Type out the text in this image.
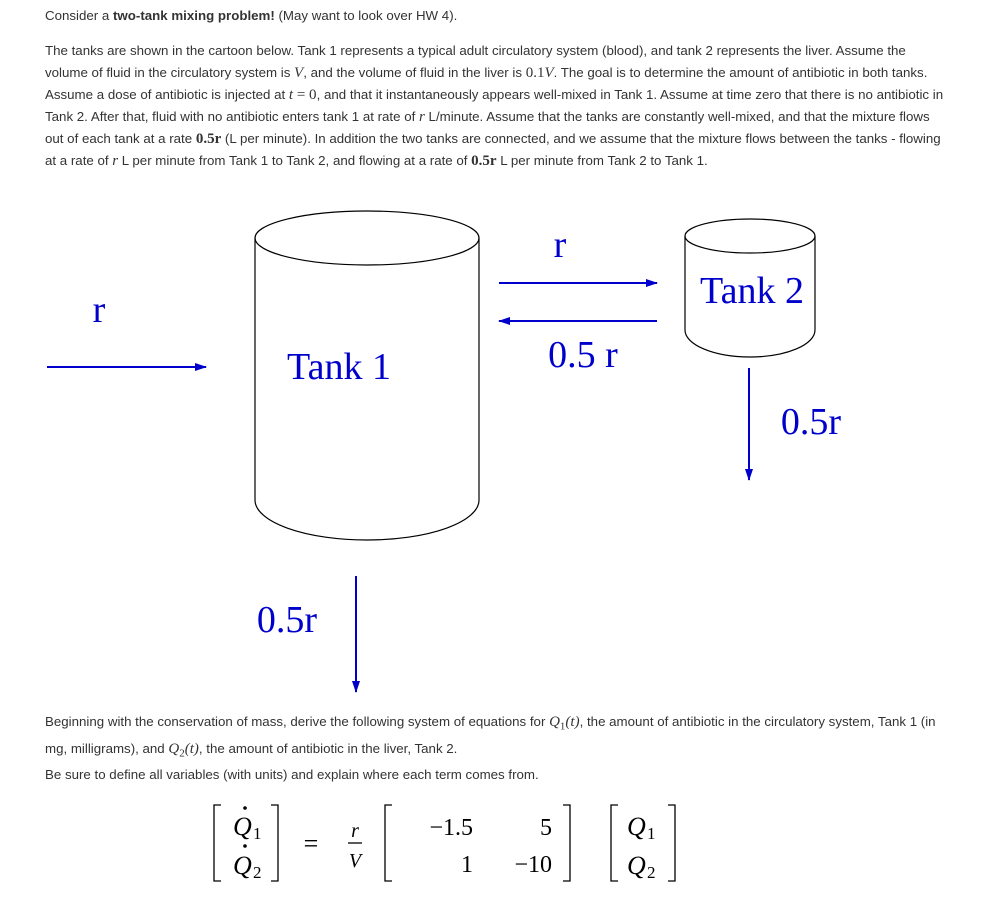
Consider a two-tank mixing problem! (May want to look over HW 4).

The tanks are shown in the cartoon below. Tank 1 represents a typical adult circulatory system (blood), and tank 2 represents the liver. Assume the volume of fluid in the circulatory system is V, and the volume of fluid in the liver is 0.1V. The goal is to determine the amount of antibiotic in both tanks. Assume a dose of antibiotic is injected at t = 0, and that it instantaneously appears well-mixed in Tank 1. Assume at time zero that there is no antibiotic in Tank 2. After that, fluid with no antibiotic enters tank 1 at rate of r L/minute. Assume that the tanks are constantly well-mixed, and that the mixture flows out of each tank at a rate 0.5r (L per minute). In addition the two tanks are connected, and we assume that the mixture flows between the tanks - flowing at a rate of r L per minute from Tank 1 to Tank 2, and flowing at a rate of 0.5r L per minute from Tank 2 to Tank 1.

r
Tank 1
Tank 2
r
0.5 r
0.5r
0.5r

Beginning with the conservation of mass, derive the following system of equations for $Q_1(t)$, the amount of antibiotic in the circulatory system, Tank 1 (in mg, milligrams), and $Q_2(t)$, the amount of antibiotic in the liver, Tank 2.
Be sure to define all variables (with units) and explain where each term comes from.

Q 1
Q 2
= r
V
−1.5	5
1 −10
Q 1
Q 2
